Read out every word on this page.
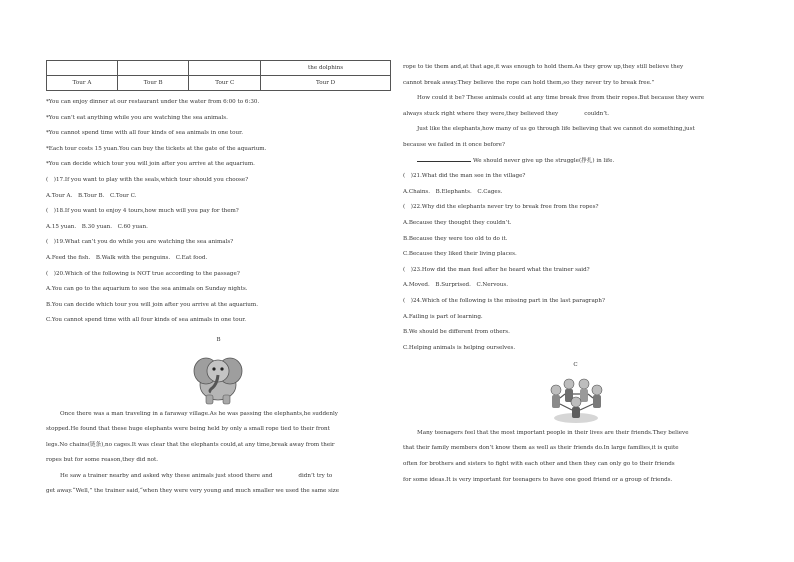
			the dolphins
Tour A	Tour B	Tour C	Tour D
*You can enjoy dinner at our restaurant under the water from 6:00 to 6:30.
*You can’t eat anything while you are watching the sea animals.
*You cannot spend time with all four kinds of sea animals in one tour.
*Each tour costs 15 yuan.You can buy the tickets at the gate of the aquarium.
*You can decide which tour you will join after you arrive at the aquarium.
(　)17.If you want to play with the seals,which tour should you choose?
A.Tour A.　B.Tour B.　C.Tour C.
(　)18.If you want to enjoy 4 tours,how much will you pay for them?
A.15 yuan.　B.30 yuan.　C.60 yuan.
(　)19.What can’t you do while you are watching the sea animals?
A.Feed the fish.　B.Walk with the penguins.　C.Eat food.
(　)20.Which of the following is NOT true according to the passage?
A.You can go to the aquarium to see the sea animals on Sunday nights.
B.You can decide which tour you will join after you arrive at the aquarium.
C.You cannot spend time with all four kinds of sea animals in one tour.
B
Once there was a man traveling in a faraway village.As he was passing the elephants,he suddenly
stopped.He found that these huge elephants were being held by only a small rope tied to their front
legs.No chains(链条),no cages.It was clear that the elephants could,at any time,break away from their
ropes but for some reason,they did not.
He saw a trainer nearby and asked why these animals just stood there and	didn’t try to
get away.“Well,” the trainer said,“when they were very young and much smaller we used the same size
rope to tie them and,at that age,it was enough to hold them.As they grow up,they still believe they
cannot break away.They believe the rope can hold them,so they never try to break free.”
How could it be? These animals could at any time break free from their ropes.But because they were
always stuck right where they were,they believed they	couldn’t.
Just like the elephants,how many of us go through life believing that we cannot do something,just
because we failed in it once before?
We should never give up the struggle(挣扎) in life.
(　)21.What did the man see in the village?
A.Chains.　B.Elephants.　C.Cages.
(　)22.Why did the elephants never try to break free from the ropes?
A.Because they thought they couldn’t.
B.Because they were too old to do it.
C.Because they liked their living places.
(　)23.How did the man feel after he heard what the trainer said?
A.Moved.　B.Surprised.　C.Nervous.
(　)24.Which of the following is the missing part in the last paragraph?
A.Failing is part of learning.
B.We should be different from others.
C.Helping animals is helping ourselves.
C
Many teenagers feel that the most important people in their lives are their friends.They believe
that their family members don’t know them as well as their friends do.In large families,it is quite
often for brothers and sisters to fight with each other and then they can only go to their friends
for some ideas.It is very important for teenagers to have one good friend or a group of friends.
